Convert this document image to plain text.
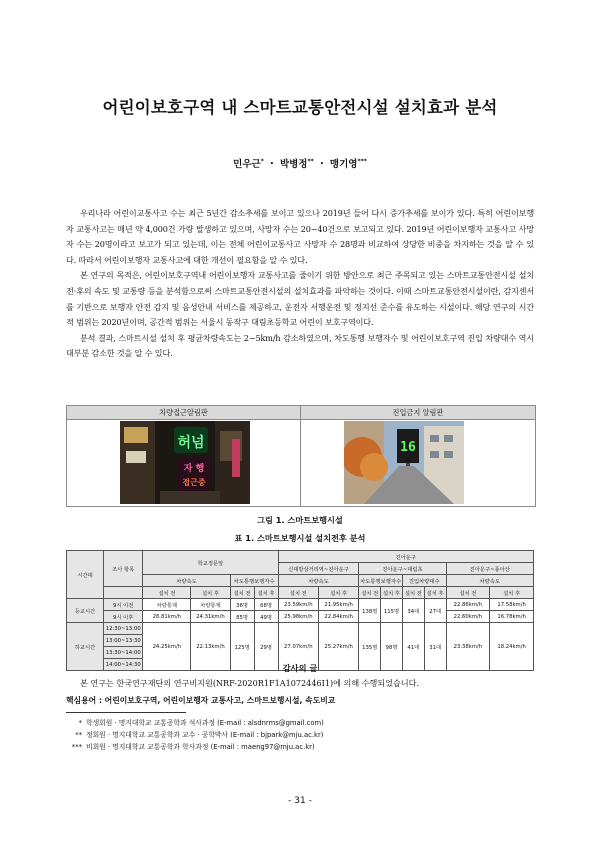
어린이보호구역 내 스마트교통안전시설 설치효과 분석
민우근* ・ 박병정** ・ 맹기영***

우리나라 어린이교통사고 수는 최근 5년간 감소추세를 보이고 있으나 2019년 들어 다시 증가추세를 보이가 있다. 특히 어린이보행자 교통사고는 매년 약 4,000건 가량 발생하고 있으며, 사망자 수는 20~40건으로 보고되고 있다. 2019년 어린이보행자 교통사고 사망자 수는 20명이라고 보고가 되고 있는데, 이는 전체 어린이교통사고 사망자 수 28명과 비교하여 상당한 비중을 차지하는 것을 알 수 있다. 따라서 어린이보행자 교통사고에 대한 개선이 필요함을 알 수 있다.

본 연구의 목적은, 어린이보호구역내 어린이보행자 교통사고를 줄이기 위한 방안으로 최근 주목되고 있는 스마트교통안전시설 설치 전·후의 속도 및 교통량 등을 분석함으로써 스마트교통안전시설의 설치효과를 파악하는 것이다. 이때 스마트교통안전시설이란, 감지센서를 기반으로 보행자 안전 감지 및 음성안내 서비스를 제공하고, 운전자 서행운전 및 정지선 준수를 유도하는 시설이다. 해당 연구의 시간적 범위는 2020년이며, 공간적 범위는 서울시 동작구 대림초등학교 어린이 보호구역이다.

분석 결과, 스마트시설 설치 후 평균차량속도는 2~5km/h 감소하였으며, 차도통행 보행자수 및 어린이보호구역 진입 차량대수 역시 대부분 감소한 것을 알 수 있다.

차량접근알림판	진입금지 알림판
허넘
자 행
접근중
16
그림 1. 스마트보행시설
표 1. 스마트보행시설 설치전후 분석
시간대	조사 항목	학교정문앞				진아운구							
						신대방삼거리역~진아운구		진아운구~대림초				진아운구~풍아산	
		차량속도		차도통행보행자수		차량속도		차도통행보행자수		진입차량대수		차량속도	
		설치 전	설치 후	설치 전	설치 후	설치 전	설치 후	설치 전	설치 후	설치 전	설치 후	설치 전	설치 후
등교시간	9시 이전	차량통제	차량통제	36명	68명	23.59km/h	21.95km/h	138명	115명	34대	27대	22.86km/h	17.58km/h
	9시 이후	28.81km/h	24.31km/h	85명	49명	25.98km/h	22.84km/h					22.60km/h	16.78km/h
하교시간	12:30~13:00	24.25km/h	22.13km/h	125명	29명	27.07km/h	25.27km/h	135명	98명	41대	31대	23.38km/h	18.24km/h
	13:00~13:30												
	13:30~14:00												
	14:00~14:30													감사의 글
본 연구는 한국연구재단의 연구비지원(NRF-2020R1F1A1072446I1)에 의해 수행되었습니다.
핵심용어 : 어린이보호구역, 어린이보행자 교통사고, 스마트보행시설, 속도비교
* 학생회원 · 명지대학교 교통공학과 석사과정 (E-mail : alsdnrms@gmail.com)
** 정회원 · 명지대학교 교통공학과 교수 · 공학박사 (E-mail : bjpark@mju.ac.kr)
*** 비회원 · 명지대학교 교통공학과 학사과정 (E-mail : maeng97@mju.ac.kr)
- 31 -
